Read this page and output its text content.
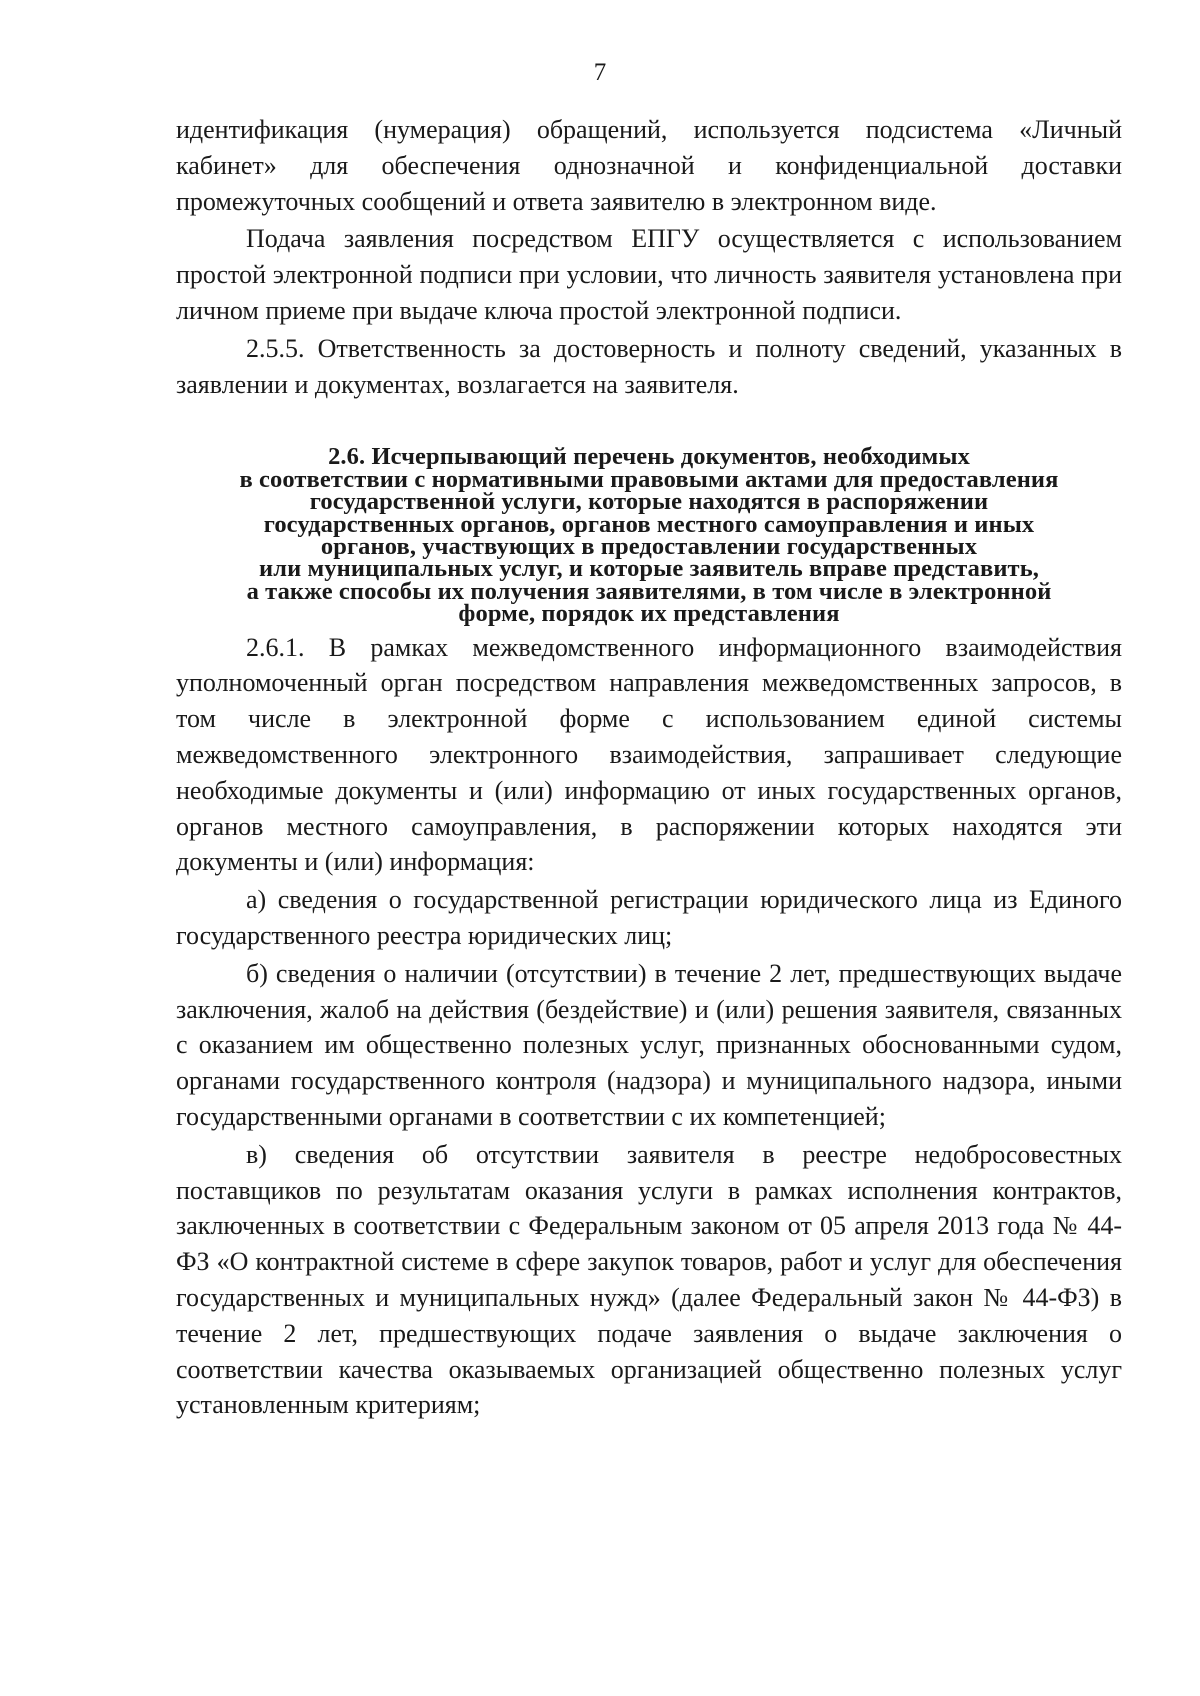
7

идентификация (нумерация) обращений, используется подсистема «Личный кабинет» для обеспечения однозначной и конфиденциальной доставки промежуточных сообщений и ответа заявителю в электронном виде.

Подача заявления посредством ЕПГУ осуществляется с использованием простой электронной подписи при условии, что личность заявителя установлена при личном приеме при выдаче ключа простой электронной подписи.

2.5.5. Ответственность за достоверность и полноту сведений, указанных в заявлении и документах, возлагается на заявителя.

2.6. Исчерпывающий перечень документов, необходимых
в соответствии с нормативными правовыми актами для предоставления
государственной услуги, которые находятся в распоряжении
государственных органов, органов местного самоуправления и иных
органов, участвующих в предоставлении государственных
или муниципальных услуг, и которые заявитель вправе представить,
а также способы их получения заявителями, в том числе в электронной
форме, порядок их представления

2.6.1. В рамках межведомственного информационного взаимодействия уполномоченный орган посредством направления межведомственных запросов, в том числе в электронной форме с использованием единой системы межведомственного электронного взаимодействия, запрашивает следующие необходимые документы и (или) информацию от иных государственных органов, органов местного самоуправления, в распоряжении которых находятся эти документы и (или) информация:

а) сведения о государственной регистрации юридического лица из Единого государственного реестра юридических лиц;

б) сведения о наличии (отсутствии) в течение 2 лет, предшествующих выдаче заключения, жалоб на действия (бездействие) и (или) решения заявителя, связанных с оказанием им общественно полезных услуг, признанных обоснованными судом, органами государственного контроля (надзора) и муниципального надзора, иными государственными органами в соответствии с их компетенцией;

в) сведения об отсутствии заявителя в реестре недобросовестных поставщиков по результатам оказания услуги в рамках исполнения контрактов, заключенных в соответствии с Федеральным законом от 05 апреля 2013 года № 44-ФЗ «О контрактной системе в сфере закупок товаров, работ и услуг для обеспечения государственных и муниципальных нужд» (далее Федеральный закон № 44-ФЗ) в течение 2 лет, предшествующих подаче заявления о выдаче заключения о соответствии качества оказываемых организацией общественно полезных услуг установленным критериям;
